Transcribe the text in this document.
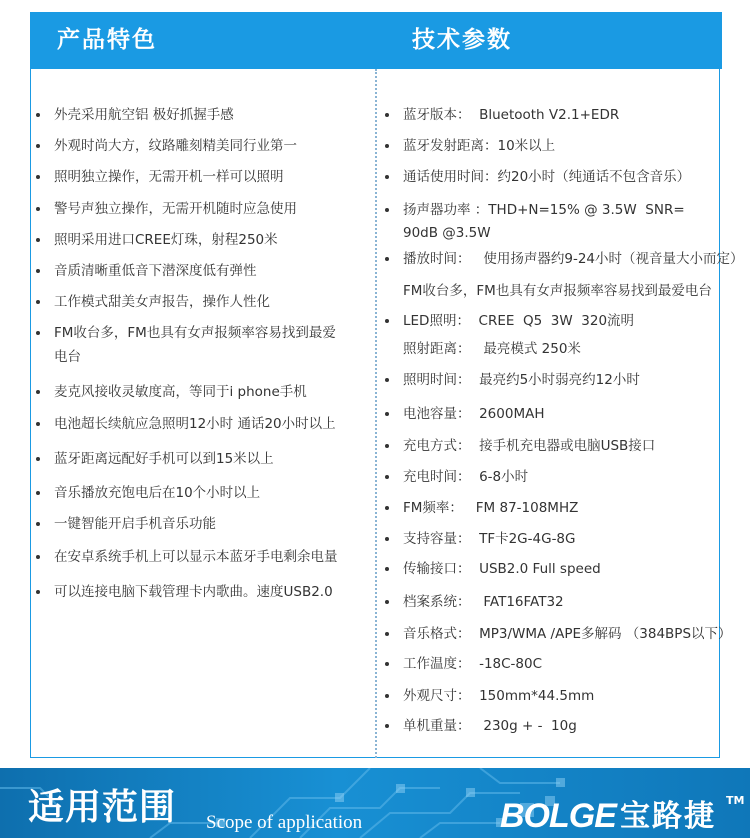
产品特色	技术参数
外壳采用航空铝 极好抓握手感
外观时尚大方，纹路雕刻精美同行业第一
照明独立操作，无需开机一样可以照明
警号声独立操作，无需开机随时应急使用
照明采用进口CREE灯珠，射程250米
音质清晰重低音下潜深度低有弹性
工作模式甜美女声报告，操作人性化
FM收台多，FM也具有女声报频率容易找到最爱
电台
麦克风接收灵敏度高，等同于i phone手机
电池超长续航应急照明12小时 通话20小时以上
蓝牙距离远配好手机可以到15米以上
音乐播放充饱电后在10个小时以上
一键智能开启手机音乐功能
在安卓系统手机上可以显示本蓝牙手电剩余电量
可以连接电脑下载管理卡内歌曲。速度USB2.0
蓝牙版本：  Bluetooth V2.1+EDR
蓝牙发射距离：10米以上
通话使用时间：约20小时（纯通话不包含音乐）
扬声器功率 ：THD+N=15% @ 3.5W  SNR=
90dB @3.5W
播放时间：   使用扬声器约9-24小时（视音量大小而定）
FM收台多，FM也具有女声报频率容易找到最爱电台
LED照明：  CREE  Q5  3W  320流明
照射距离：   最亮模式 250米
照明时间：  最亮约5小时弱亮约12小时
电池容量：  2600MAH
充电方式：  接手机充电器或电脑USB接口
充电时间：  6-8小时
FM频率：   FM 87-108MHZ
支持容量：  TF卡2G-4G-8G
传输接口：  USB2.0 Full speed
档案系统：   FAT16FAT32
音乐格式：  MP3/WMA /APE多解码 （384BPS以下）
工作温度：  -18C-80C
外观尺寸：  150mm*44.5mm
单机重量：   230g + -  10g
适用范围 Scope of application	BOLGE 宝路捷 TM
